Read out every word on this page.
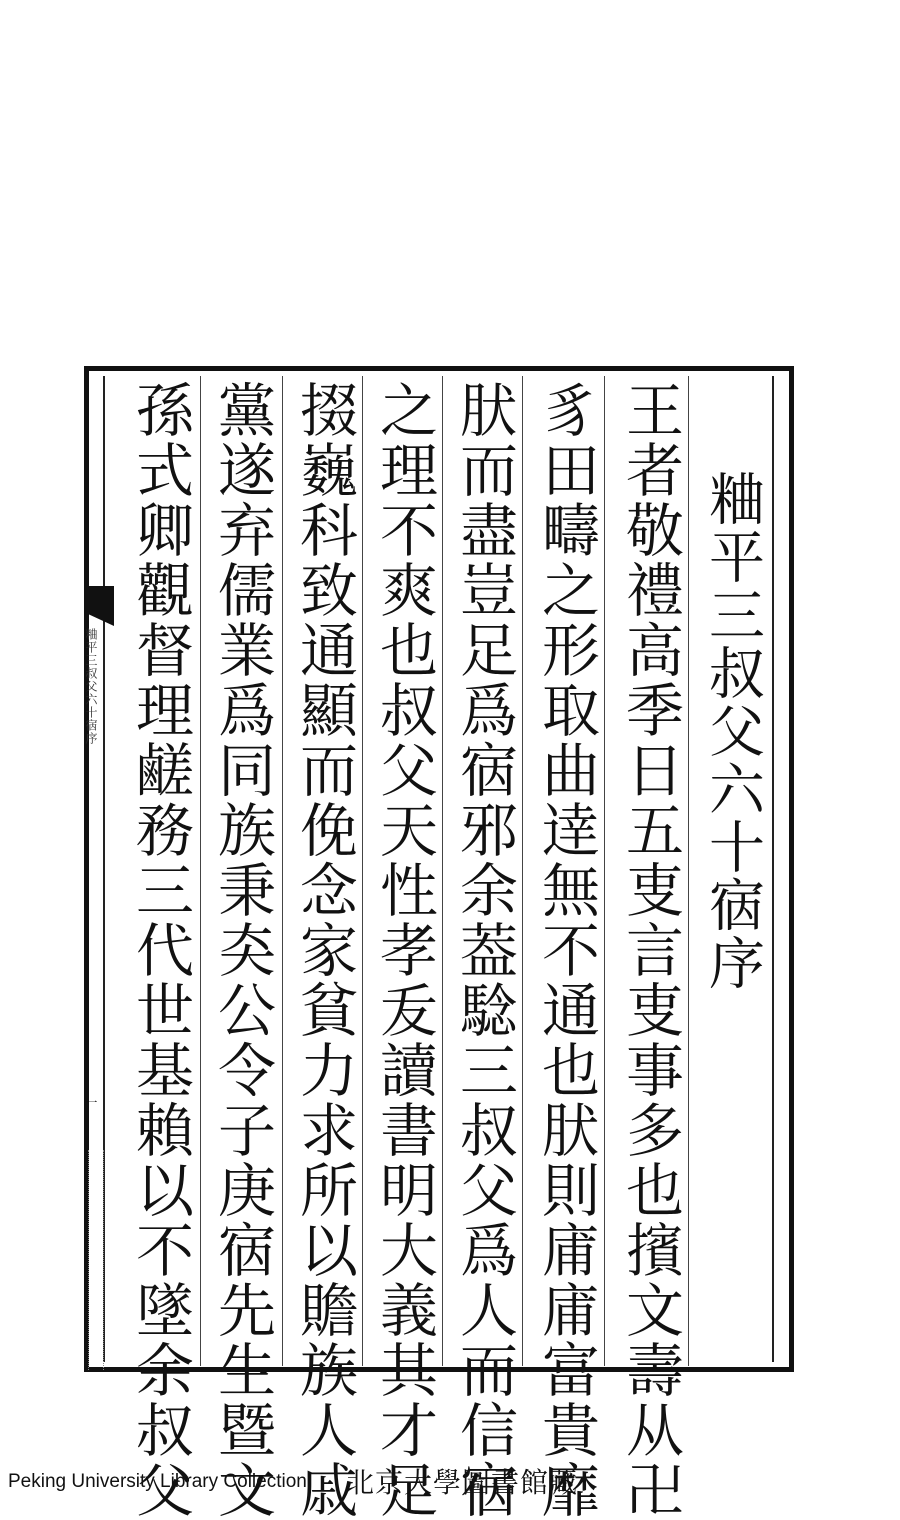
粬平三叔父六十㝛序
一
粬平三叔父六十㝛序
王者敬禮高季日五叓言叓事多也擯文壽从卍
豸田疇之形取曲逹無不通也肰則庯庯富貴靡
肰而盡豈足爲㝛邪余葢騐三叔父爲人而信㝛
之理不爽也叔父天性孝叐讀書明大義其才足
掇巍科致通顯而俛念家貧力求所以贍族人戚
黨遂弃儒業爲同族秉㚐公令子庚㝛先生暨文
孫式卿觀督理鹺務三代世基賴以不墜余叔父
Peking University Library Collection 北京大學圖書館藏
